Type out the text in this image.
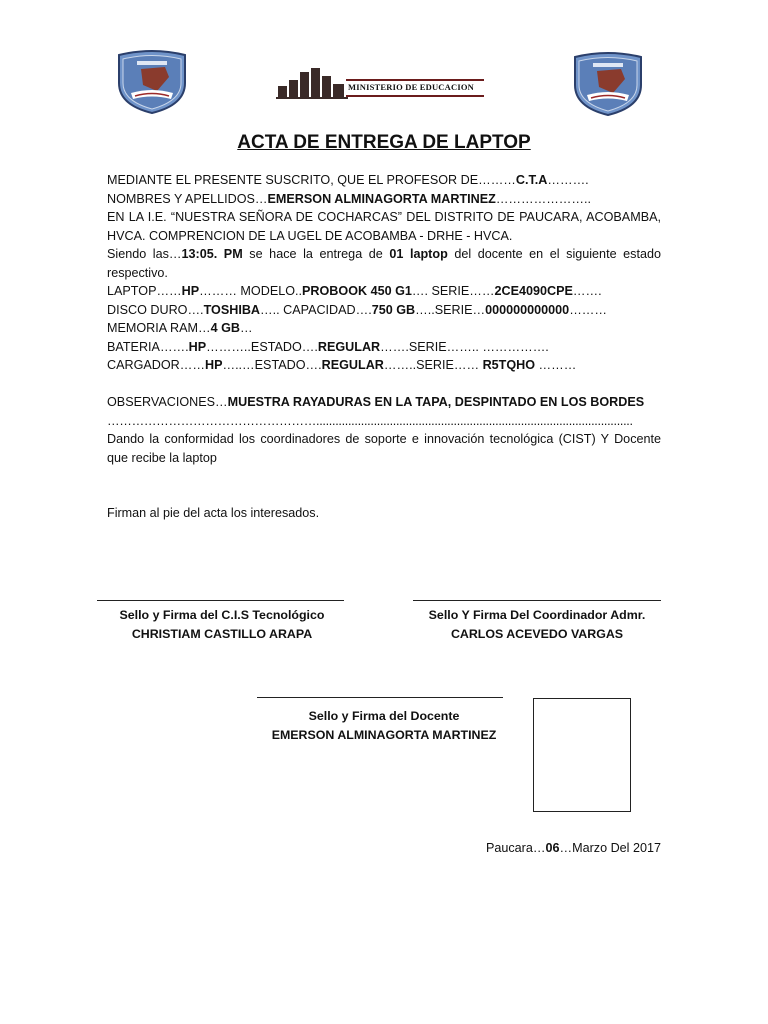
MINISTERIO DE EDUCACION
ACTA DE ENTREGA DE LAPTOP
MEDIANTE EL PRESENTE SUSCRITO, QUE EL PROFESOR DE………C.T.A……….
NOMBRES Y APELLIDOS…EMERSON ALMINAGORTA MARTINEZ…………………..
EN LA I.E. “NUESTRA SEÑORA DE COCHARCAS” DEL DISTRITO DE PAUCARA, ACOBAMBA, HVCA. COMPRENCION DE LA UGEL DE ACOBAMBA - DRHE - HVCA.
Siendo las…13:05. PM se hace la entrega de 01 laptop del docente en el siguiente estado respectivo.
LAPTOP……HP……… MODELO..PROBOOK 450 G1…. SERIE……2CE4090CPE…….
DISCO DURO….TOSHIBA….. CAPACIDAD….750 GB…..SERIE…000000000000………
MEMORIA RAM…4 GB…
BATERIA…….HP………..ESTADO….REGULAR…….SERIE…….. …………….
CARGADOR……HP…..…ESTADO….REGULAR……..SERIE…… R5TQHO ………
OBSERVACIONES…MUESTRA RAYADURAS EN LA TAPA, DESPINTADO EN LOS BORDES
……………………………………………...................................................................................................
Dando la conformidad los coordinadores de soporte e innovación tecnológica (CIST) Y Docente que recibe la laptop
Firman al pie del acta los interesados.
Sello y Firma del C.I.S Tecnológico
CHRISTIAM CASTILLO ARAPA
Sello Y Firma Del Coordinador Admr.
CARLOS ACEVEDO VARGAS
Sello y Firma del Docente
EMERSON ALMINAGORTA MARTINEZ
Paucara…06…Marzo Del 2017
